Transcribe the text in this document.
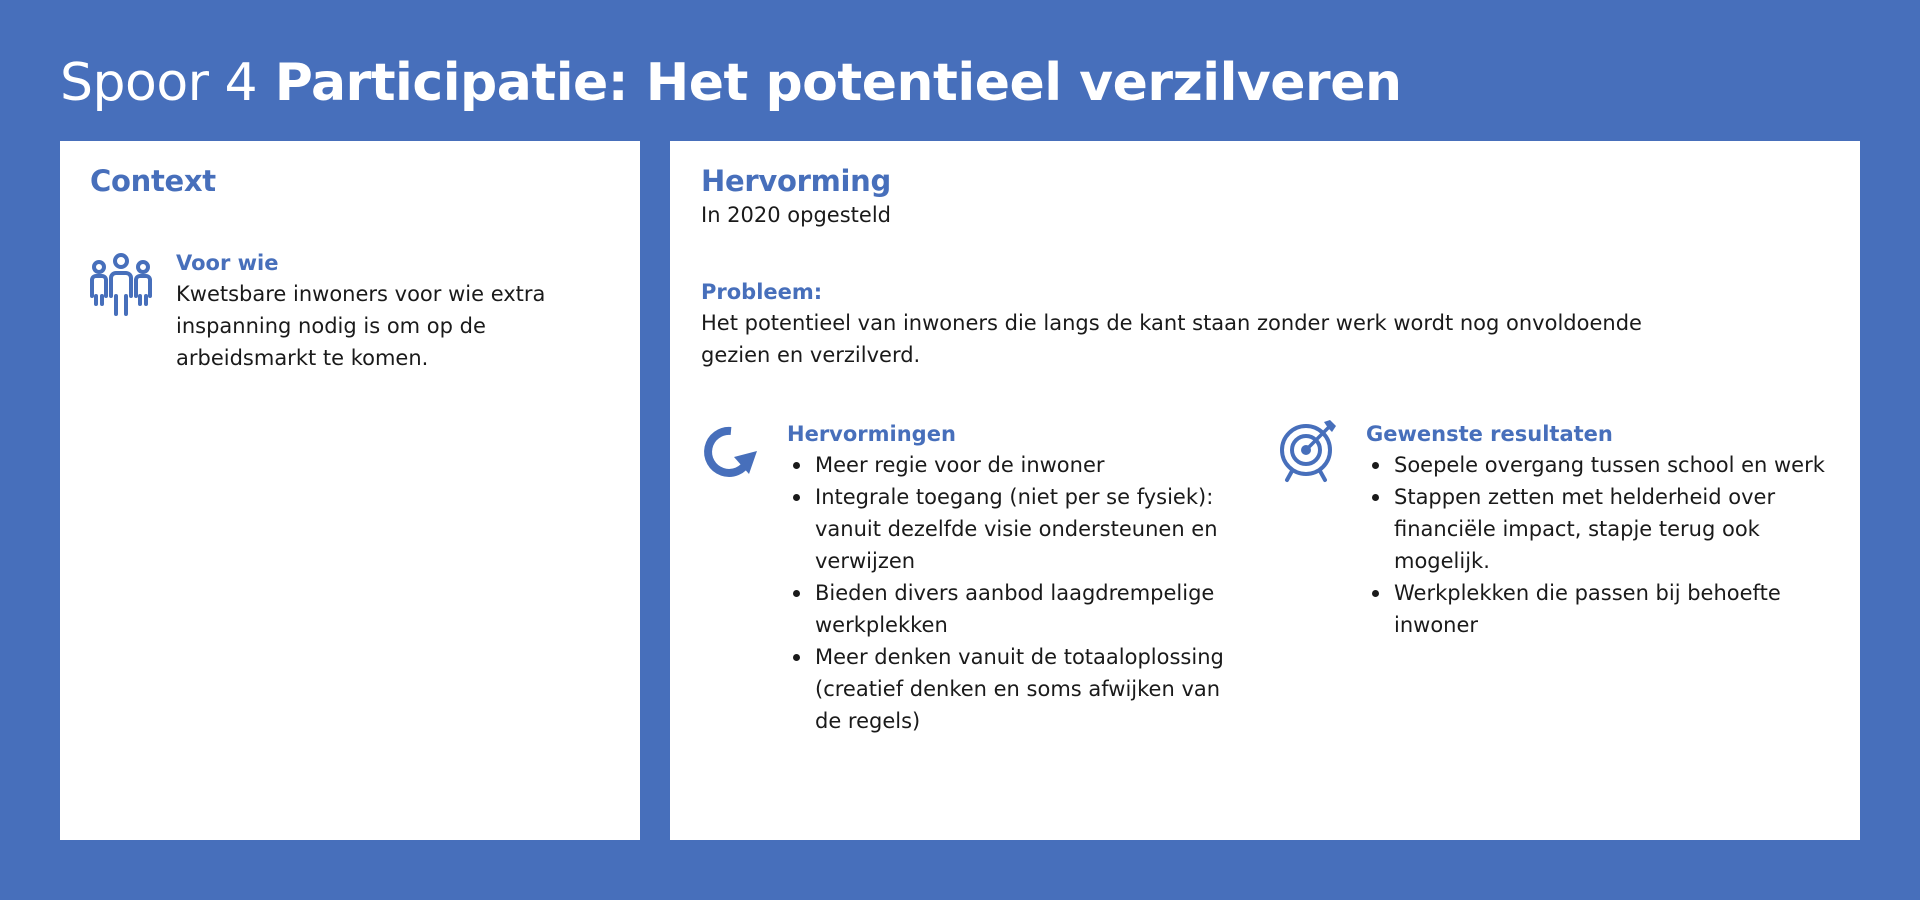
Spoor 4 Participatie: Het potentieel verzilveren
Context
Voor wie
Kwetsbare inwoners voor wie extra inspanning nodig is om op de arbeidsmarkt te komen.
Hervorming
In 2020 opgesteld
Probleem:
Het potentieel van inwoners die langs de kant staan zonder werk wordt nog onvoldoende gezien en verzilverd.
Hervormingen
Meer regie voor de inwoner
Integrale toegang (niet per se fysiek): vanuit dezelfde visie ondersteunen en verwijzen
Bieden divers aanbod laagdrempelige werkplekken
Meer denken vanuit de totaaloplossing (creatief denken en soms afwijken van de regels)
Gewenste resultaten
Soepele overgang tussen school en werk
Stappen zetten met helderheid over financiële impact, stapje terug ook mogelijk.
Werkplekken die passen bij behoefte inwoner
